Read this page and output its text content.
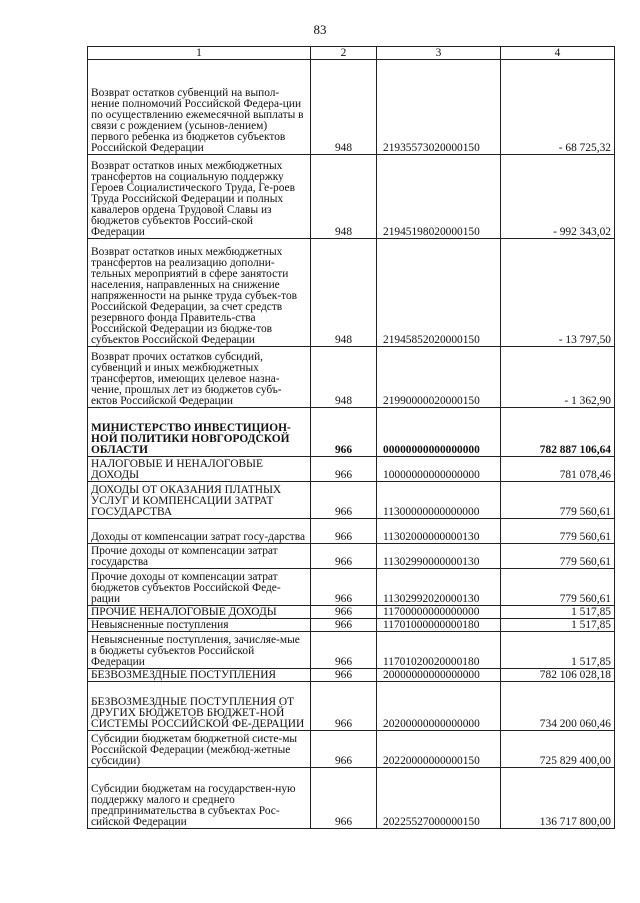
83
1	2	3	4
Возврат остатков субвенций на выпол-нение полномочий Российской Федера-ции по осуществлению ежемесячной выплаты в связи с рождением (усынов-лением) первого ребенка из бюджетов субъектов Российской Федерации	948	21935573020000150	- 68 725,32
Возврат остатков иных межбюджетных трансфертов на социальную поддержку Героев Социалистического Труда, Ге-роев Труда Российской Федерации и полных кавалеров ордена Трудовой Славы из бюджетов субъектов Россий-ской Федерации	948	21945198020000150	- 992 343,02
Возврат остатков иных межбюджетных трансфертов на реализацию дополни-тельных мероприятий в сфере занятости населения, направленных на снижение напряженности на рынке труда субъек-тов Российской Федерации, за счет средств резервного фонда Правитель-ства Российской Федерации из бюдже-тов субъектов Российской Федерации	948	21945852020000150	- 13 797,50
Возврат прочих остатков субсидий, субвенций и иных межбюджетных трансфертов, имеющих целевое назна-чение, прошлых лет из бюджетов субъ-ектов Российской Федерации	948	21990000020000150	- 1 362,90
МИНИСТЕРСТВО ИНВЕСТИЦИОН-НОЙ ПОЛИТИКИ НОВГОРОДСКОЙ ОБЛАСТИ	966	00000000000000000	782 887 106,64
НАЛОГОВЫЕ И НЕНАЛОГОВЫЕ ДОХОДЫ	966	10000000000000000	781 078,46
ДОХОДЫ ОТ ОКАЗАНИЯ ПЛАТНЫХ УСЛУГ И КОМПЕНСАЦИИ ЗАТРАТ ГОСУДАРСТВА	966	11300000000000000	779 560,61
Доходы от компенсации затрат госу-дарства	966	11302000000000130	779 560,61
Прочие доходы от компенсации затрат государства	966	11302990000000130	779 560,61
Прочие доходы от компенсации затрат бюджетов субъектов Российской Феде-рации	966	11302992020000130	779 560,61
ПРОЧИЕ НЕНАЛОГОВЫЕ ДОХОДЫ	966	11700000000000000	1 517,85
Невыясненные поступления	966	11701000000000180	1 517,85
Невыясненные поступления, зачисляе-мые в бюджеты субъектов Российской Федерации	966	11701020020000180	1 517,85
БЕЗВОЗМЕЗДНЫЕ ПОСТУПЛЕНИЯ	966	20000000000000000	782 106 028,18
БЕЗВОЗМЕЗДНЫЕ ПОСТУПЛЕНИЯ ОТ ДРУГИХ БЮДЖЕТОВ БЮДЖЕТ-НОЙ СИСТЕМЫ РОССИЙСКОЙ ФЕ-ДЕРАЦИИ	966	20200000000000000	734 200 060,46
Субсидии бюджетам бюджетной систе-мы Российской Федерации (межбюд-жетные субсидии)	966	20220000000000150	725 829 400,00
Субсидии бюджетам на государствен-ную поддержку малого и среднего предпринимательства в субъектах Рос-сийской Федерации	966	20225527000000150	136 717 800,00
